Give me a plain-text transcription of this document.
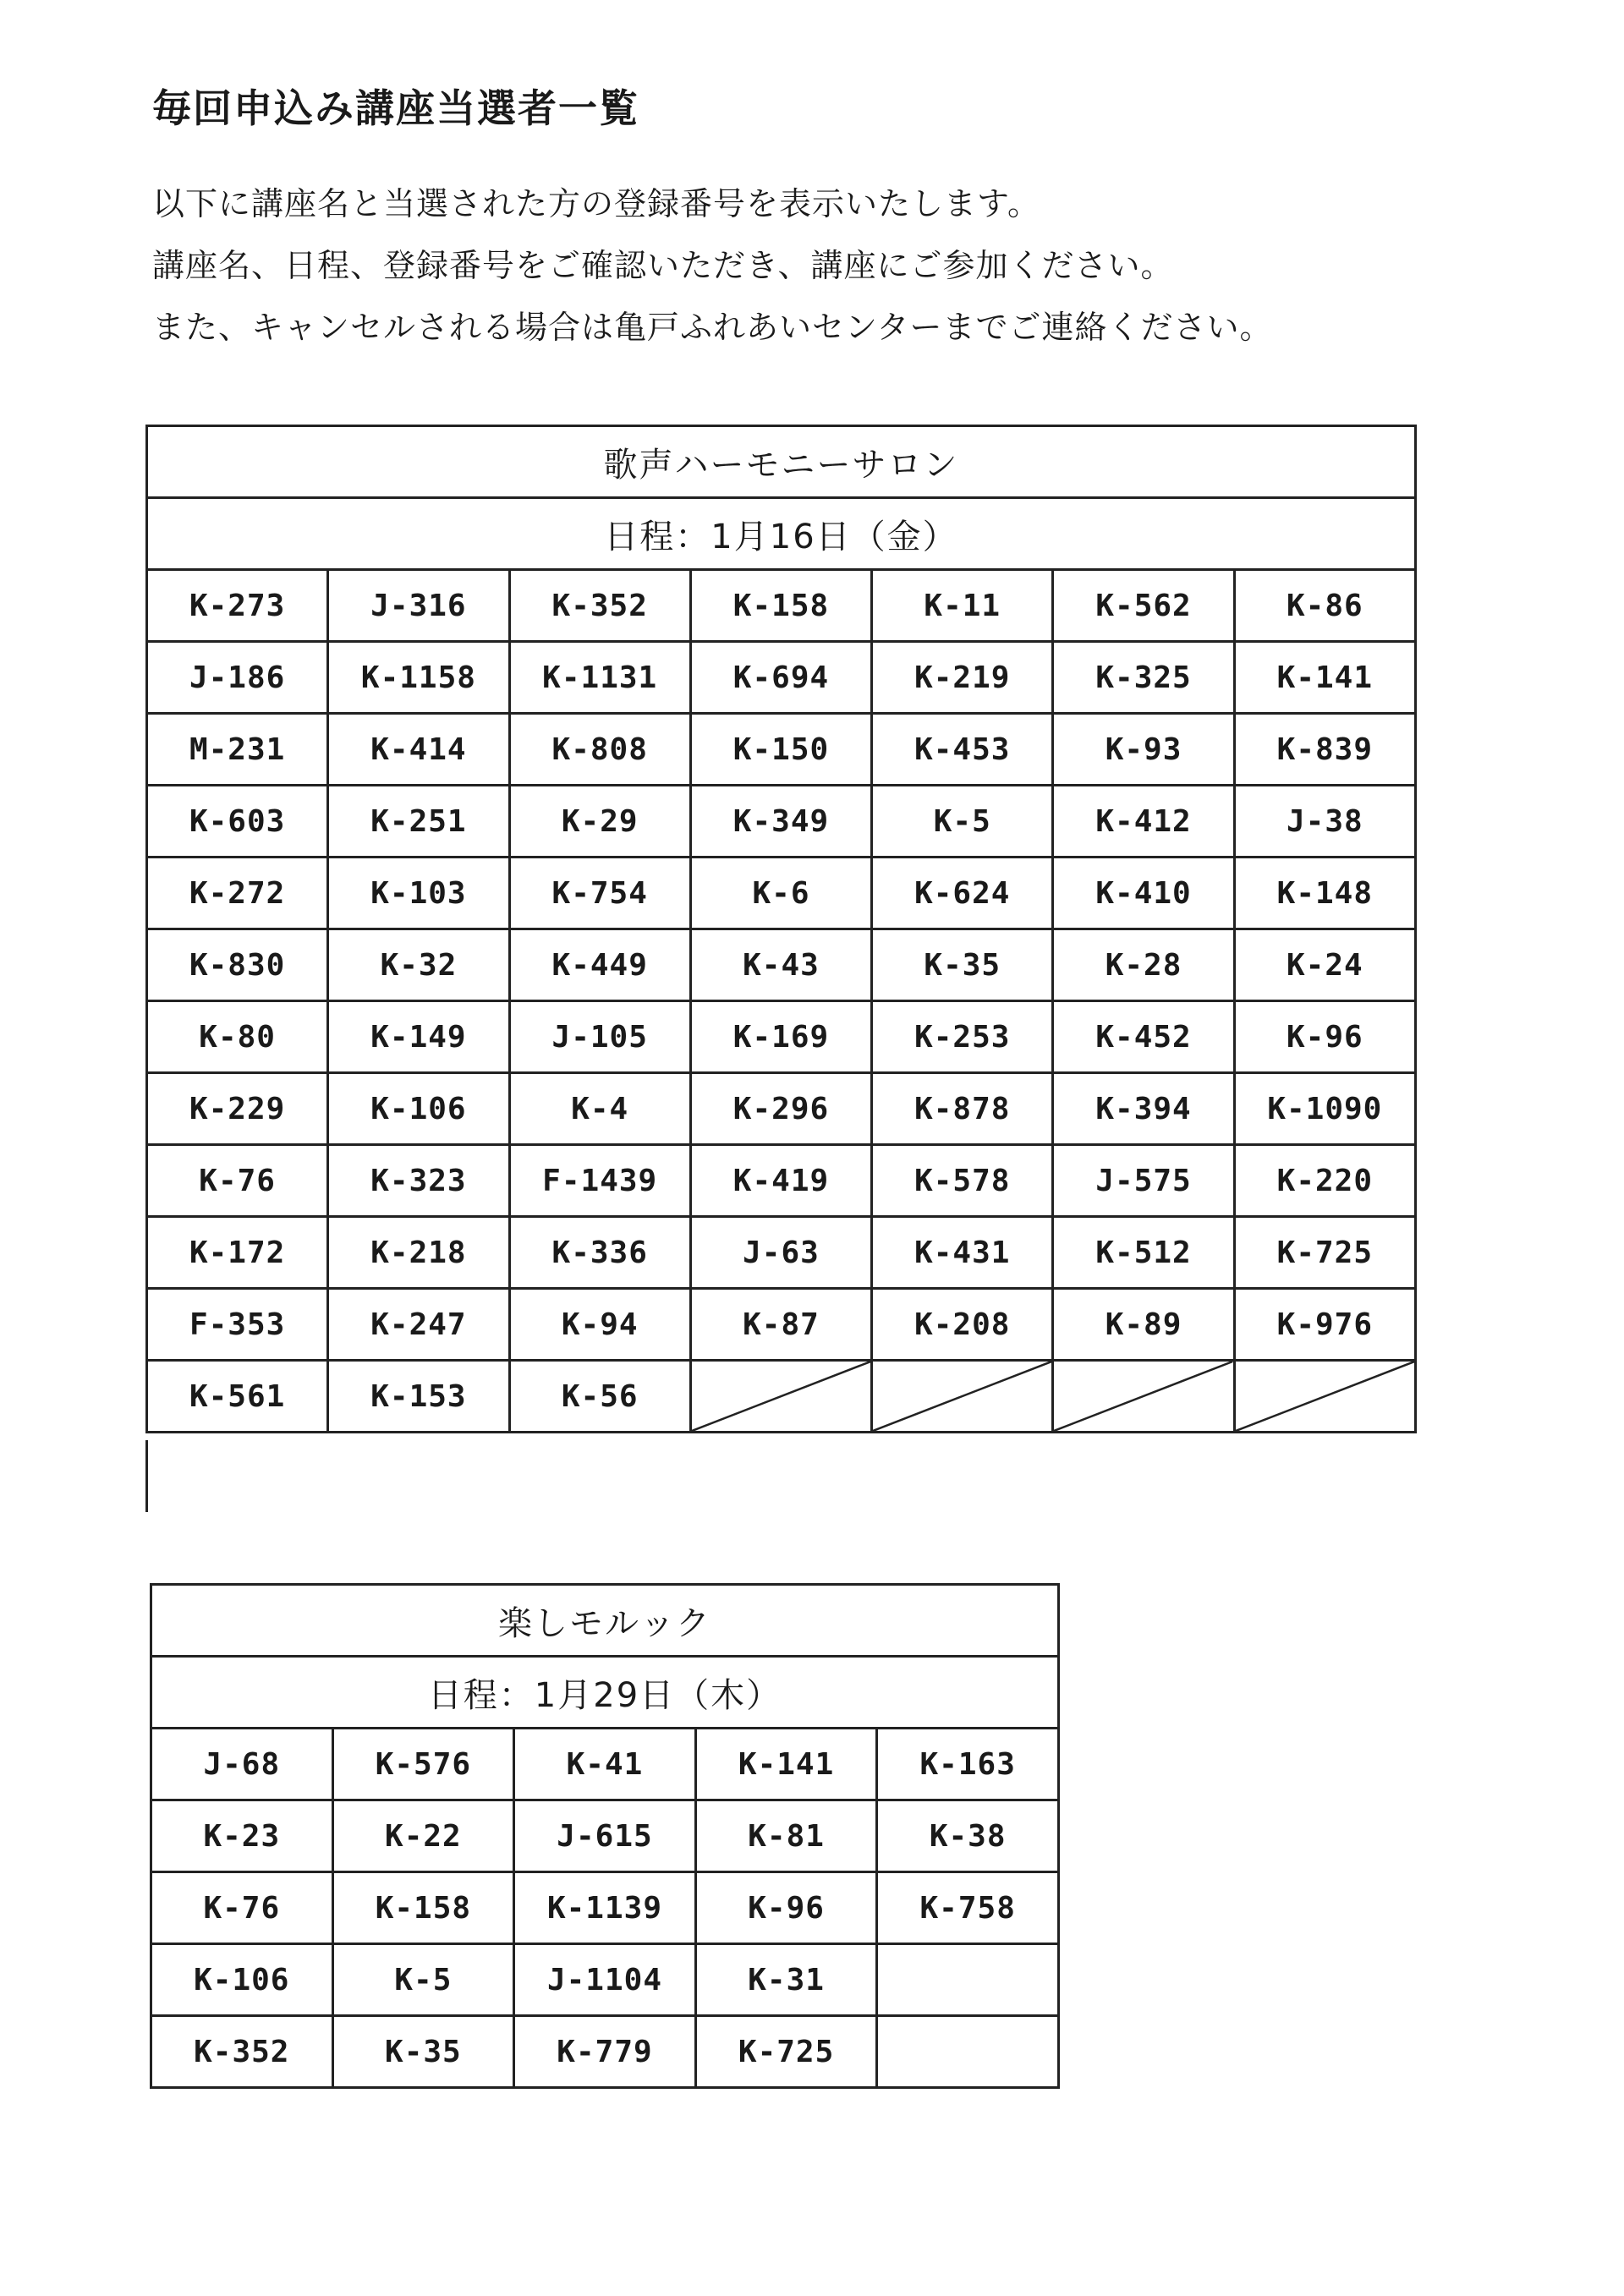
毎回申込み講座当選者一覧
以下に講座名と当選された方の登録番号を表示いたします。
講座名、日程、登録番号をご確認いただき、講座にご参加ください。
また、キャンセルされる場合は亀戸ふれあいセンターまでご連絡ください。
歌声ハーモニーサロン						
日程：1月16日（金）						
K-273	J-316	K-352	K-158	K-11	K-562	K-86
J-186	K-1158	K-1131	K-694	K-219	K-325	K-141
M-231	K-414	K-808	K-150	K-453	K-93	K-839
K-603	K-251	K-29	K-349	K-5	K-412	J-38
K-272	K-103	K-754	K-6	K-624	K-410	K-148
K-830	K-32	K-449	K-43	K-35	K-28	K-24
K-80	K-149	J-105	K-169	K-253	K-452	K-96
K-229	K-106	K-4	K-296	K-878	K-394	K-1090
K-76	K-323	F-1439	K-419	K-578	J-575	K-220
K-172	K-218	K-336	J-63	K-431	K-512	K-725
F-353	K-247	K-94	K-87	K-208	K-89	K-976
K-561	K-153	K-56	

楽しモルック				
日程：1月29日（木）				
J-68	K-576	K-41	K-141	K-163
K-23	K-22	J-615	K-81	K-38
K-76	K-158	K-1139	K-96	K-758
K-106	K-5	J-1104	K-31	
K-352	K-35	K-779	K-725	
